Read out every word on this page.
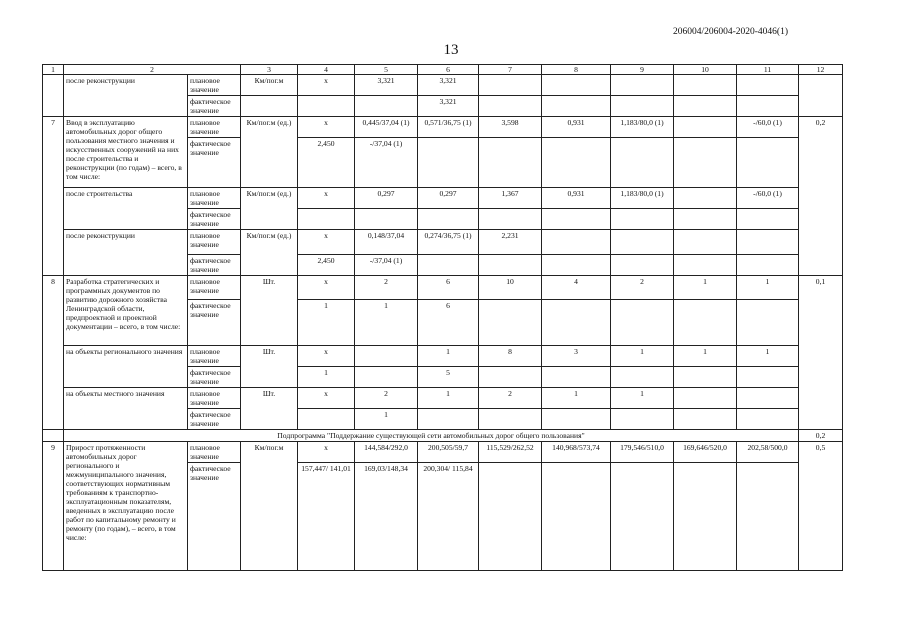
206004/206004-2020-4046(1)
13
1	2		3	4	5	6	7	8	9	10	11	12
	после реконструкции	плановое значение	Км/пог.м	х	3,321	3,321						
		фактическое значение				3,321						
7	Ввод в эксплуатацию автомобильных дорог общего пользования местного значения и искусственных сооружений на них после строительства и реконструкции (по годам) – всего, в том числе:	плановое значение	Км/пог.м (ед.)	х	0,445/37,04 (1)	0,571/36,75 (1)	3,598	0,931	1,183/80,0 (1)		-/60,0 (1)	0,2
		фактическое значение		2,450	-/37,04 (1)							
	после строительства	плановое значение	Км/пог.м (ед.)	х	0,297	0,297	1,367	0,931	1,183/80,0 (1)		-/60,0 (1)	
		фактическое значение										
	после реконструкции	плановое значение	Км/пог.м (ед.)	х	0,148/37,04	0,274/36,75 (1)	2,231					
		фактическое значение		2,450	-/37,04 (1)							
8	Разработка стратегических и программных документов по развитию дорожного хозяйства Ленинградской области, предпроектной и проектной документации – всего, в том числе:	плановое значение	Шт.	х	2	6	10	4	2	1	1	0,1
		фактическое значение		1	1	6						
	на объекты регионального значения	плановое значение	Шт.	х		1	8	3	1	1	1	
		фактическое значение		1		5						
	на объекты местного значения	плановое значение	Шт.	х	2	1	2	1	1			
		фактическое значение			1							
	Подпрограмма "Поддержание существующей сети автомобильных дорог общего пользования"											0,2
9	Прирост протяженности автомобильных дорог регионального и межмуниципального значения, соответствующих нормативным требованиям к транспортно-эксплуатационным показателям, введенных в эксплуатацию после работ по капитальному ремонту и ремонту (по годам), – всего, в том числе:	плановое значение	Км/пог.м	х	144,584/292,0	200,505/59,7	115,529/262,52	140,968/573,74	179,546/510,0	169,646/520,0	202,58/500,0	0,5
		фактическое значение		157,447/ 141,01	169,03/148,34	200,304/ 115,84						
